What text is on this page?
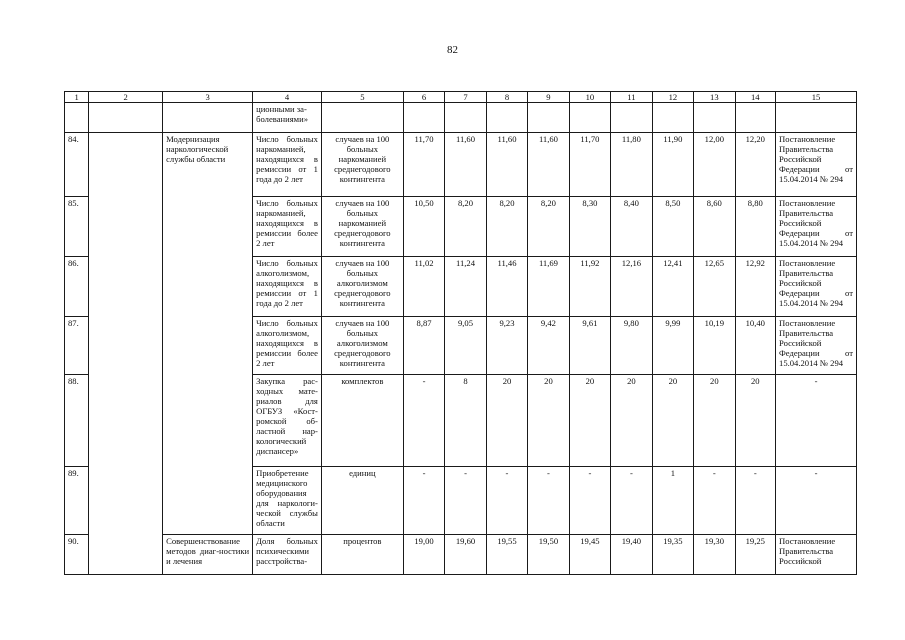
82
1	2	3	4	5	6	7	8	9	10	11	12	13	14	15
			ционными за-
болеваниями»											
84.		Модернизация наркологической службы области	Число больных наркоманией, находящихся в ремиссии от 1 года до 2 лет	случаев на 100 больных наркоманией среднегодового контингента	11,70	11,60	11,60	11,60	11,70	11,80	11,90	12,00	12,20	Постановление Правительства Российской Федерации от 15.04.2014 № 294
85.			Число больных наркоманией, находящихся в ремиссии более 2 лет	случаев на 100 больных наркоманией среднегодового контингента	10,50	8,20	8,20	8,20	8,30	8,40	8,50	8,60	8,80	Постановление Правительства Российской Федерации от 15.04.2014 № 294
86.			Число больных алкоголизмом, находящихся в ремиссии от 1 года до 2 лет	случаев на 100 больных алкоголизмом среднегодового контингента	11,02	11,24	11,46	11,69	11,92	12,16	12,41	12,65	12,92	Постановление Правительства Российской Федерации от 15.04.2014 № 294
87.			Число больных алкоголизмом, находящихся в ремиссии более 2 лет	случаев на 100 больных алкоголизмом среднегодового контингента	8,87	9,05	9,23	9,42	9,61	9,80	9,99	10,19	10,40	Постановление Правительства Российской Федерации от 15.04.2014 № 294
88.			Закупка рас-ходных мате-риалов для ОГБУЗ «Кост-ромской об-ластной нар-кологический диспансер»	комплектов	-	8	20	20	20	20	20	20	20	-
89.			Приобретение медицинского оборудования для наркологи-ческой службы области	единиц	-	-	-	-	-	-	1	-	-	-
90.		Совершенствование методов диаг-ностики и лечения	Доля больных психическими расстройства-	процентов	19,00	19,60	19,55	19,50	19,45	19,40	19,35	19,30	19,25	Постановление Правительства Российской
